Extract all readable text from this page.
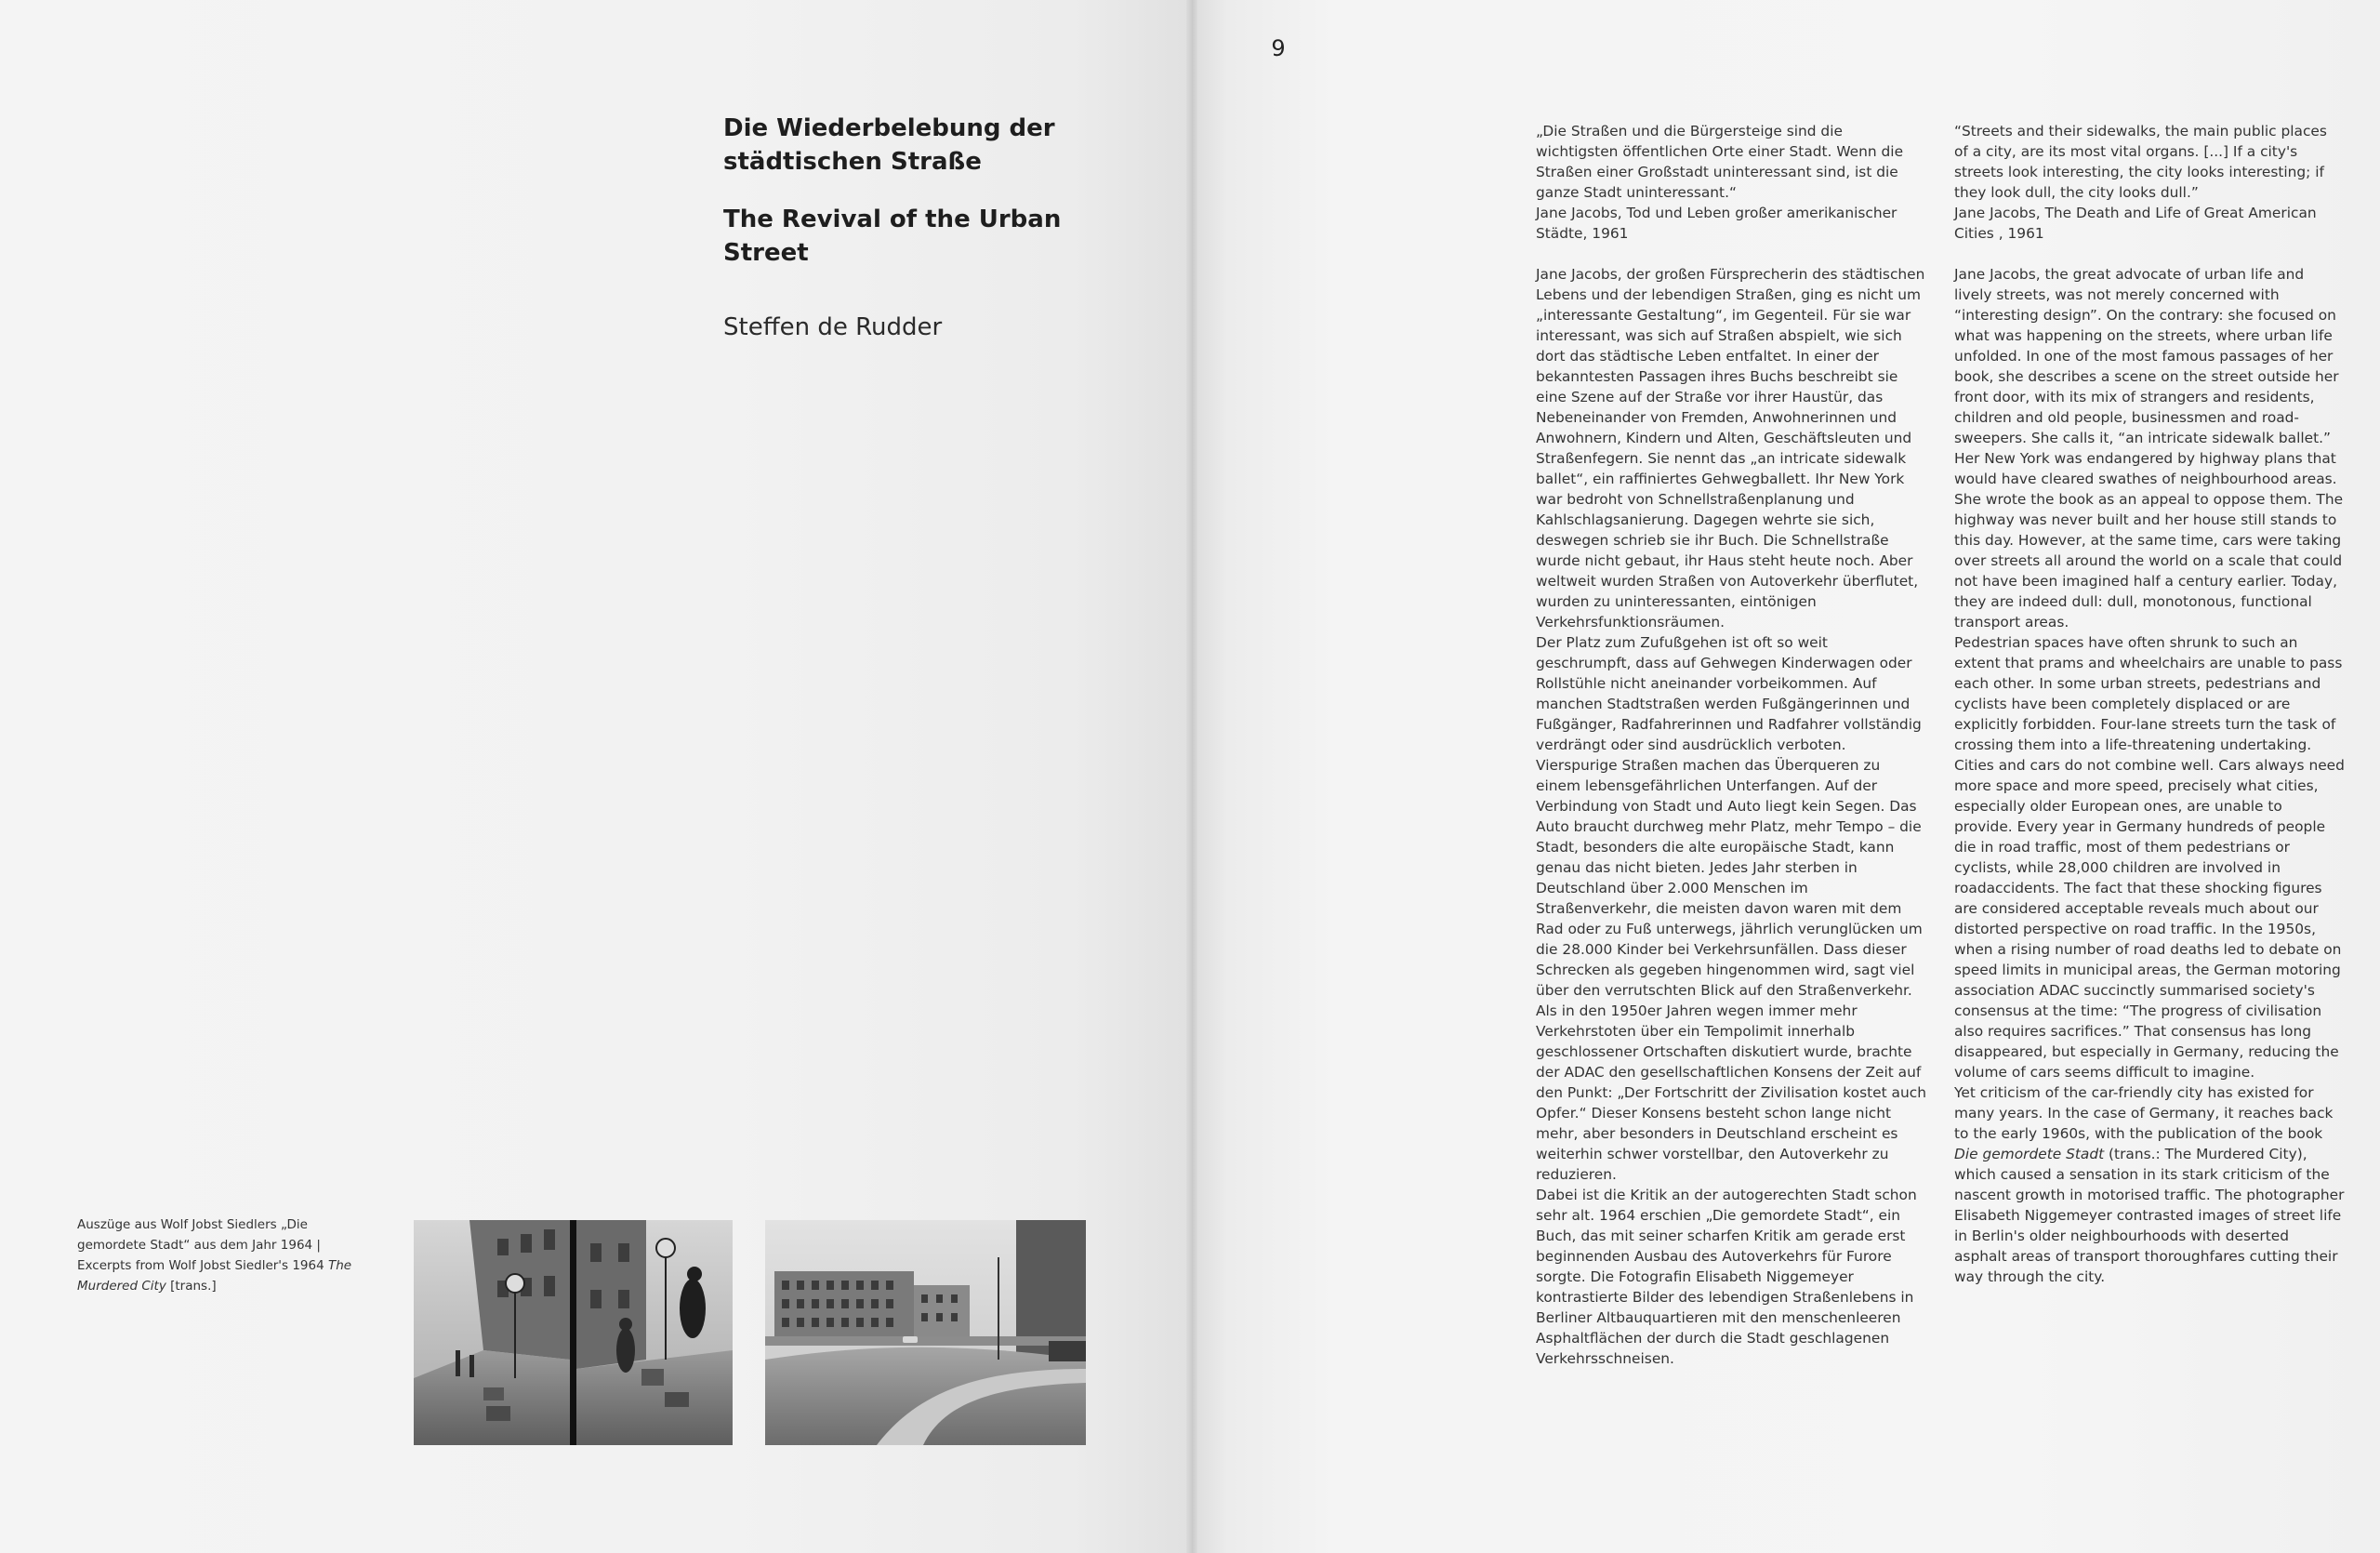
9
Die Wiederbelebung der
städtischen Straße
The Revival of the Urban Street
Steffen de Rudder
Auszüge aus Wolf Jobst Siedlers „Die gemordete Stadt“ aus dem Jahr 1964 | Excerpts from Wolf Jobst Siedler's 1964 The Murdered City [trans.]

„Die Straßen und die Bürgersteige sind die wichtigsten öffentlichen Orte einer Stadt. Wenn die Straßen einer Großstadt uninteressant sind, ist die ganze Stadt uninteressant.“

Jane Jacobs, Tod und Leben großer amerikanischer Städte, 1961

Jane Jacobs, der großen Fürsprecherin des städtischen Lebens und der lebendigen Straßen, ging es nicht um „interessante Gestaltung“, im Gegenteil. Für sie war interessant, was sich auf Straßen abspielt, wie sich dort das städtische Leben entfaltet. In einer der bekanntesten Passagen ihres Buchs beschreibt sie eine Szene auf der Straße vor ihrer Haustür, das Nebeneinander von Fremden, Anwohnerinnen und Anwohnern, Kindern und Alten, Geschäftsleuten und Straßenfegern. Sie nennt das „an intricate sidewalk ballet“, ein raffiniertes Gehwegballett. Ihr New York war bedroht von Schnellstraßenplanung und Kahlschlagsanierung. Dagegen wehrte sie sich, deswegen schrieb sie ihr Buch. Die Schnellstraße wurde nicht gebaut, ihr Haus steht heute noch. Aber weltweit wurden Straßen von Autoverkehr überflutet, wurden zu uninteressanten, eintönigen Verkehrsfunktionsräumen.

Der Platz zum Zufußgehen ist oft so weit geschrumpft, dass auf Gehwegen Kinderwagen oder Rollstühle nicht aneinander vorbeikommen. Auf manchen Stadtstraßen werden Fußgängerinnen und Fußgänger, Radfahrerinnen und Radfahrer vollständig verdrängt oder sind ausdrücklich verboten. Vierspurige Straßen machen das Überqueren zu einem lebensgefährlichen Unterfangen. Auf der Verbindung von Stadt und Auto liegt kein Segen. Das Auto braucht durchweg mehr Platz, mehr Tempo – die Stadt, besonders die alte europäische Stadt, kann genau das nicht bieten. Jedes Jahr sterben in Deutschland über 2.000 Menschen im Straßenverkehr, die meisten davon waren mit dem Rad oder zu Fuß unterwegs, jährlich verunglücken um die 28.000 Kinder bei Verkehrsunfällen. Dass dieser Schrecken als gegeben hingenommen wird, sagt viel über den verrutschten Blick auf den Straßenverkehr. Als in den 1950er Jahren wegen immer mehr Verkehrstoten über ein Tempolimit innerhalb geschlossener Ortschaften diskutiert wurde, brachte der ADAC den gesellschaftlichen Konsens der Zeit auf den Punkt: „Der Fortschritt der Zivilisation kostet auch Opfer.“ Dieser Konsens besteht schon lange nicht mehr, aber besonders in Deutschland erscheint es weiterhin schwer vorstellbar, den Autoverkehr zu reduzieren.

Dabei ist die Kritik an der autogerechten Stadt schon sehr alt. 1964 erschien „Die gemordete Stadt“, ein Buch, das mit seiner scharfen Kritik am gerade erst beginnenden Ausbau des Autoverkehrs für Furore sorgte. Die Fotografin Elisabeth Niggemeyer kontrastierte Bilder des lebendigen Straßenlebens in Berliner Altbauquartieren mit den menschenleeren Asphaltflächen der durch die Stadt geschlagenen Verkehrsschneisen.

“Streets and their sidewalks, the main public places of a city, are its most vital organs. [...] If a city's streets look interesting, the city looks interesting; if they look dull, the city looks dull.”

Jane Jacobs, The Death and Life of Great American Cities , 1961

Jane Jacobs, the great advocate of urban life and lively streets, was not merely concerned with “interesting design”. On the contrary: she focused on what was happening on the streets, where urban life unfolded. In one of the most famous passages of her book, she describes a scene on the street outside her front door, with its mix of strangers and residents, children and old people, businessmen and road-sweepers. She calls it, “an intricate sidewalk ballet.” Her New York was endangered by highway plans that would have cleared swathes of neighbourhood areas. She wrote the book as an appeal to oppose them. The highway was never built and her house still stands to this day. However, at the same time, cars were taking over streets all around the world on a scale that could not have been imagined half a century earlier. Today, they are indeed dull: dull, monotonous, functional transport areas.

Pedestrian spaces have often shrunk to such an extent that prams and wheelchairs are unable to pass each other. In some urban streets, pedestrians and cyclists have been completely displaced or are explicitly forbidden. Four-lane streets turn the task of crossing them into a life-threatening undertaking.

Cities and cars do not combine well. Cars always need more space and more speed, precisely what cities, especially older European ones, are unable to provide. Every year in Germany hundreds of people die in road traffic, most of them pedestrians or cyclists, while 28,000 children are involved in roadaccidents. The fact that these shocking figures are considered acceptable reveals much about our distorted perspective on road traffic. In the 1950s, when a rising number of road deaths led to debate on speed limits in municipal areas, the German motoring association ADAC succinctly summarised society's consensus at the time: “The progress of civilisation also requires sacrifices.” That consensus has long disappeared, but especially in Germany, reducing the volume of cars seems difficult to imagine.

Yet criticism of the car-friendly city has existed for many years. In the case of Germany, it reaches back to the early 1960s, with the publication of the book Die gemordete Stadt (trans.: The Murdered City), which caused a sensation in its stark criticism of the nascent growth in motorised traffic. The photographer Elisabeth Niggemeyer contrasted images of street life in Berlin's older neighbourhoods with deserted asphalt areas of transport thoroughfares cutting their way through the city.
